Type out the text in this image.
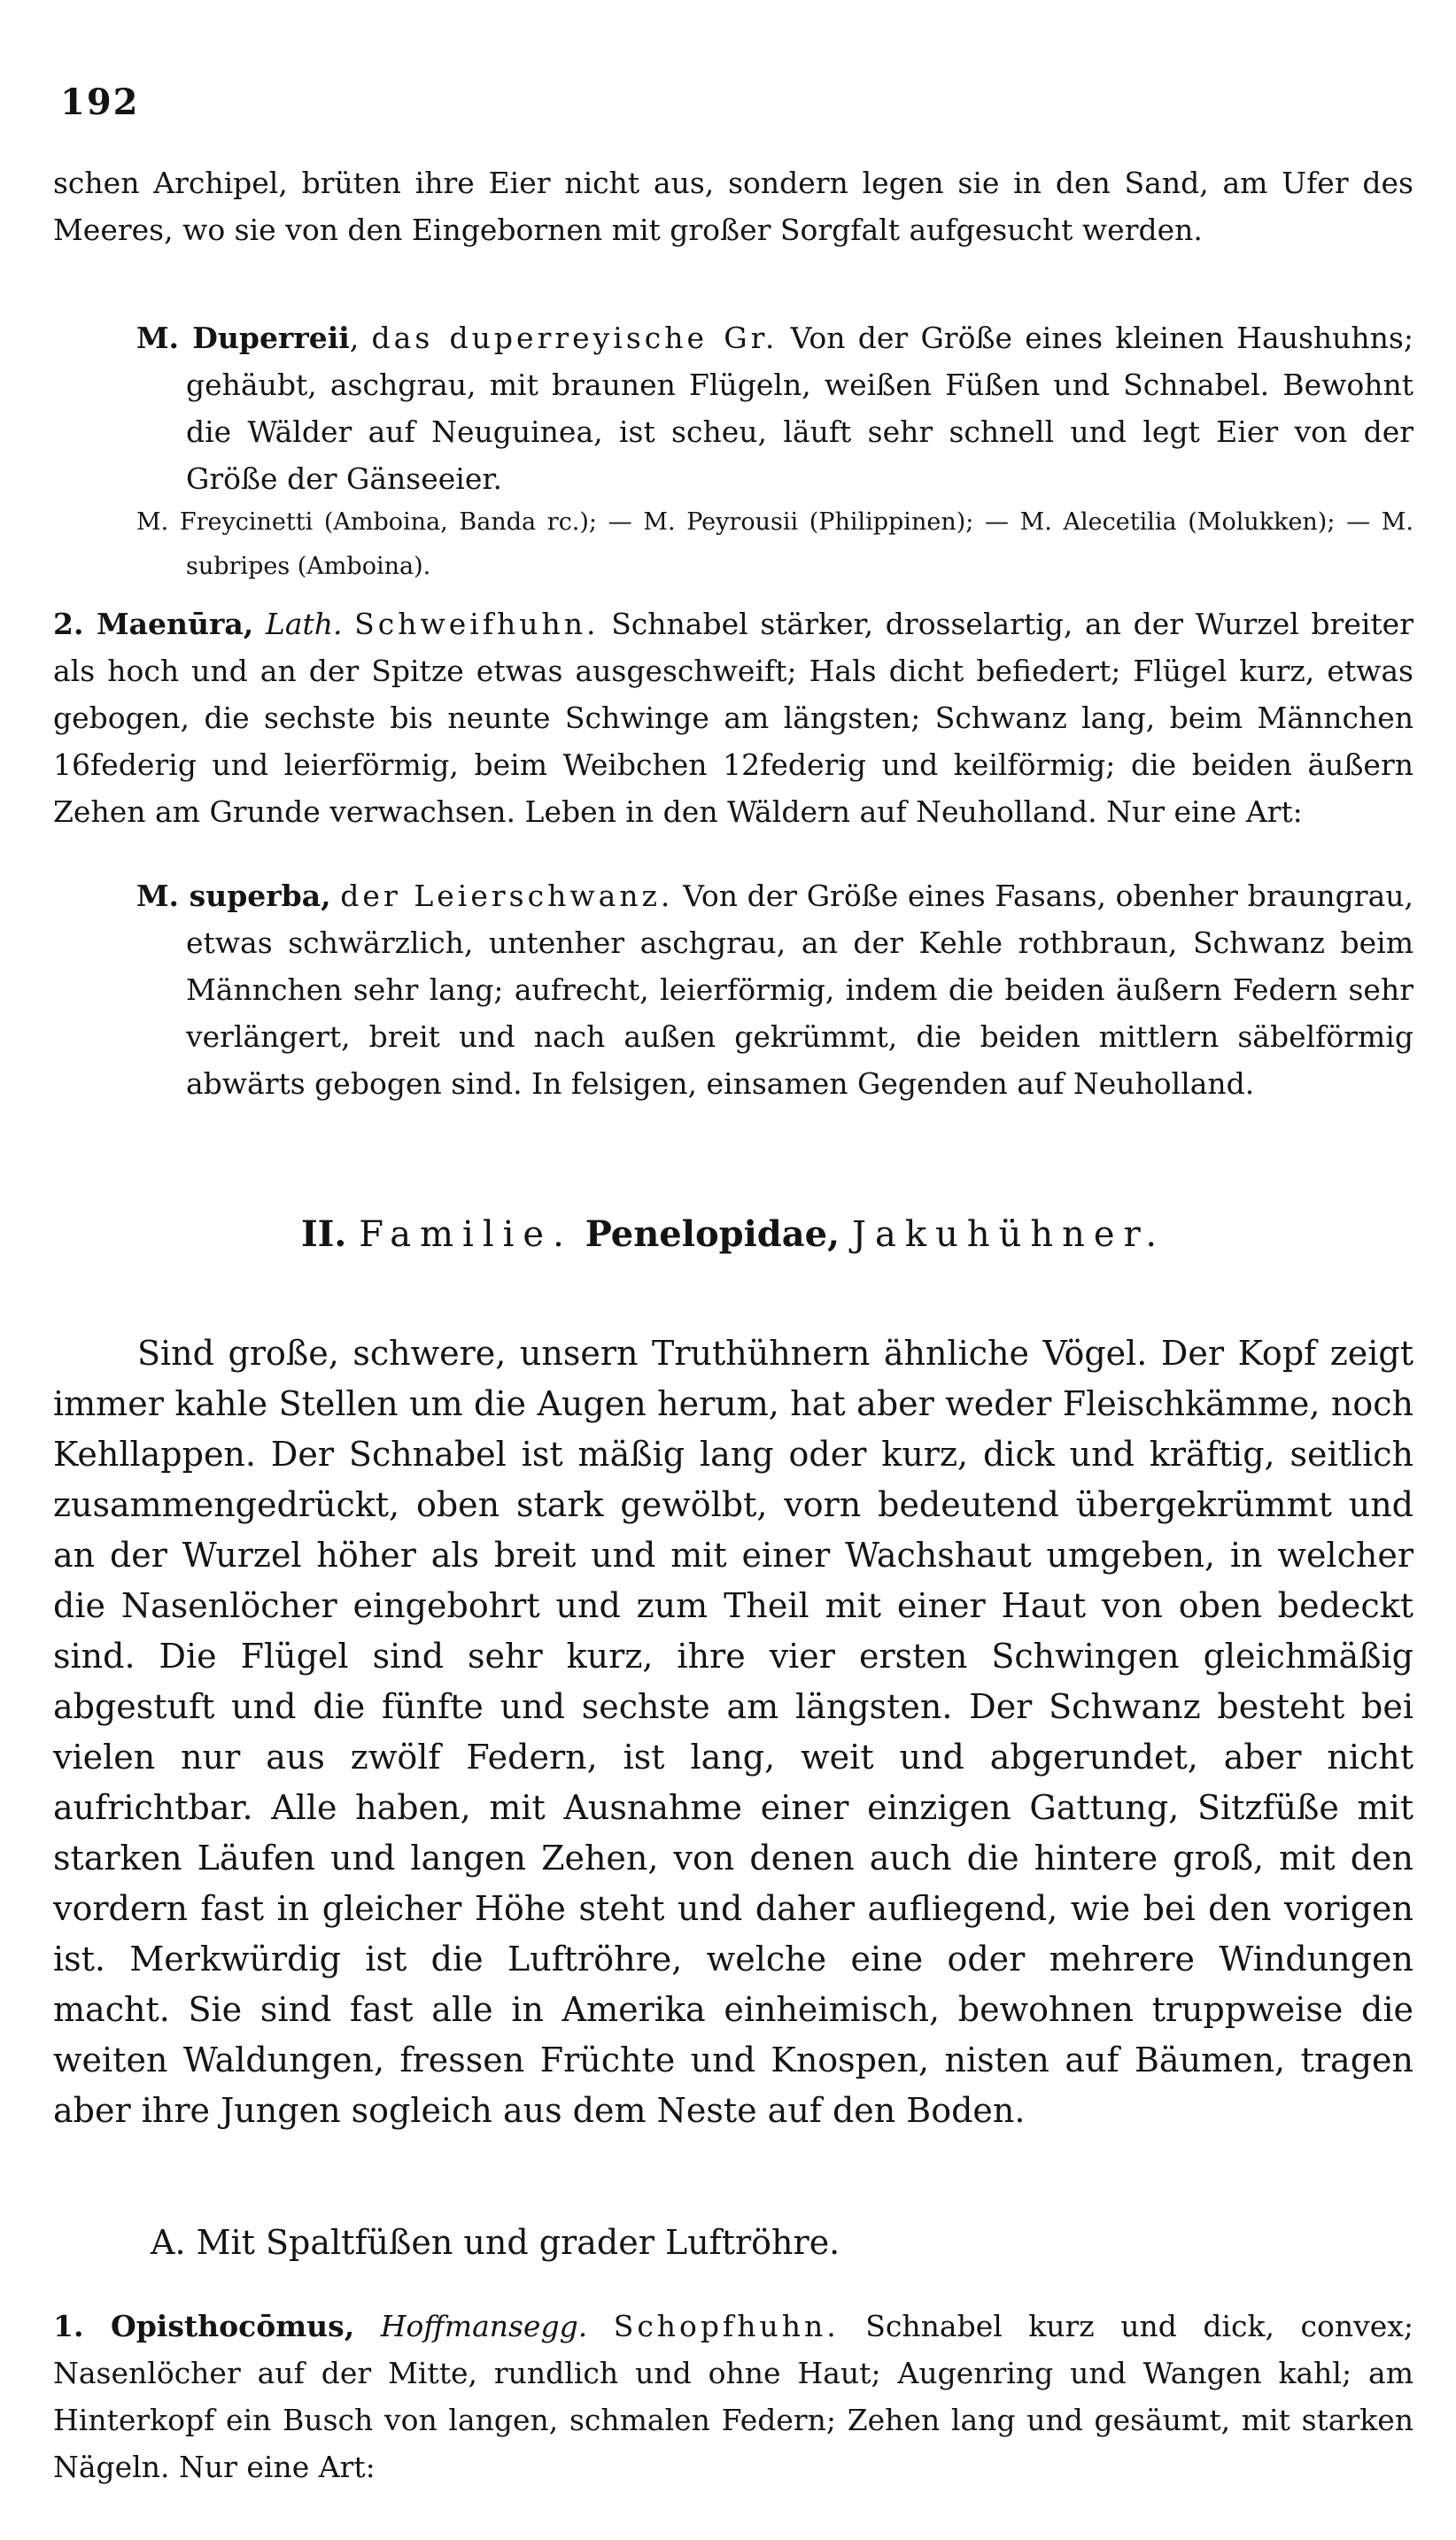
192

schen Archipel, brüten ihre Eier nicht aus, sondern legen sie in den Sand, am Ufer des Meeres, wo sie von den Eingebornen mit großer Sorgfalt aufgesucht werden.

M. Duperreii, das duperreyische Gr. Von der Größe eines kleinen Haushuhns; gehäubt, aschgrau, mit braunen Flügeln, weißen Füßen und Schnabel. Bewohnt die Wälder auf Neuguinea, ist scheu, läuft sehr schnell und legt Eier von der Größe der Gänseeier.

M. Freycinetti (Amboina, Banda rc.); — M. Peyrousii (Philippinen); — M. Alecetilia (Molukken); — M. subripes (Amboina).

2. Maenūra, Lath. Schweifhuhn. Schnabel stärker, drosselartig, an der Wurzel breiter als hoch und an der Spitze etwas ausgeschweift; Hals dicht befiedert; Flügel kurz, etwas gebogen, die sechste bis neunte Schwinge am längsten; Schwanz lang, beim Männchen 16federig und leierförmig, beim Weibchen 12federig und keilförmig; die beiden äußern Zehen am Grunde verwachsen. Leben in den Wäldern auf Neuholland. Nur eine Art:

M. superba, der Leierschwanz. Von der Größe eines Fasans, obenher braungrau, etwas schwärzlich, untenher aschgrau, an der Kehle rothbraun, Schwanz beim Männchen sehr lang; aufrecht, leierförmig, indem die beiden äußern Federn sehr verlängert, breit und nach außen gekrümmt, die beiden mittlern säbelförmig abwärts gebogen sind. In felsigen, einsamen Gegenden auf Neuholland.

II. Familie. Penelopidae, Jakuhühner.

Sind große, schwere, unsern Truthühnern ähnliche Vögel. Der Kopf zeigt immer kahle Stellen um die Augen herum, hat aber weder Fleischkämme, noch Kehllappen. Der Schnabel ist mäßig lang oder kurz, dick und kräftig, seitlich zusammengedrückt, oben stark gewölbt, vorn bedeutend übergekrümmt und an der Wurzel höher als breit und mit einer Wachshaut umgeben, in welcher die Nasenlöcher eingebohrt und zum Theil mit einer Haut von oben bedeckt sind. Die Flügel sind sehr kurz, ihre vier ersten Schwingen gleichmäßig abgestuft und die fünfte und sechste am längsten. Der Schwanz besteht bei vielen nur aus zwölf Federn, ist lang, weit und abgerundet, aber nicht aufrichtbar. Alle haben, mit Ausnahme einer einzigen Gattung, Sitzfüße mit starken Läufen und langen Zehen, von denen auch die hintere groß, mit den vordern fast in gleicher Höhe steht und daher aufliegend, wie bei den vorigen ist. Merkwürdig ist die Luftröhre, welche eine oder mehrere Windungen macht. Sie sind fast alle in Amerika einheimisch, bewohnen truppweise die weiten Waldungen, fressen Früchte und Knospen, nisten auf Bäumen, tragen aber ihre Jungen sogleich aus dem Neste auf den Boden.

A. Mit Spaltfüßen und grader Luftröhre.

1. Opisthocōmus, Hoffmansegg. Schopfhuhn. Schnabel kurz und dick, convex; Nasenlöcher auf der Mitte, rundlich und ohne Haut; Augenring und Wangen kahl; am Hinterkopf ein Busch von langen, schmalen Federn; Zehen lang und gesäumt, mit starken Nägeln. Nur eine Art:
